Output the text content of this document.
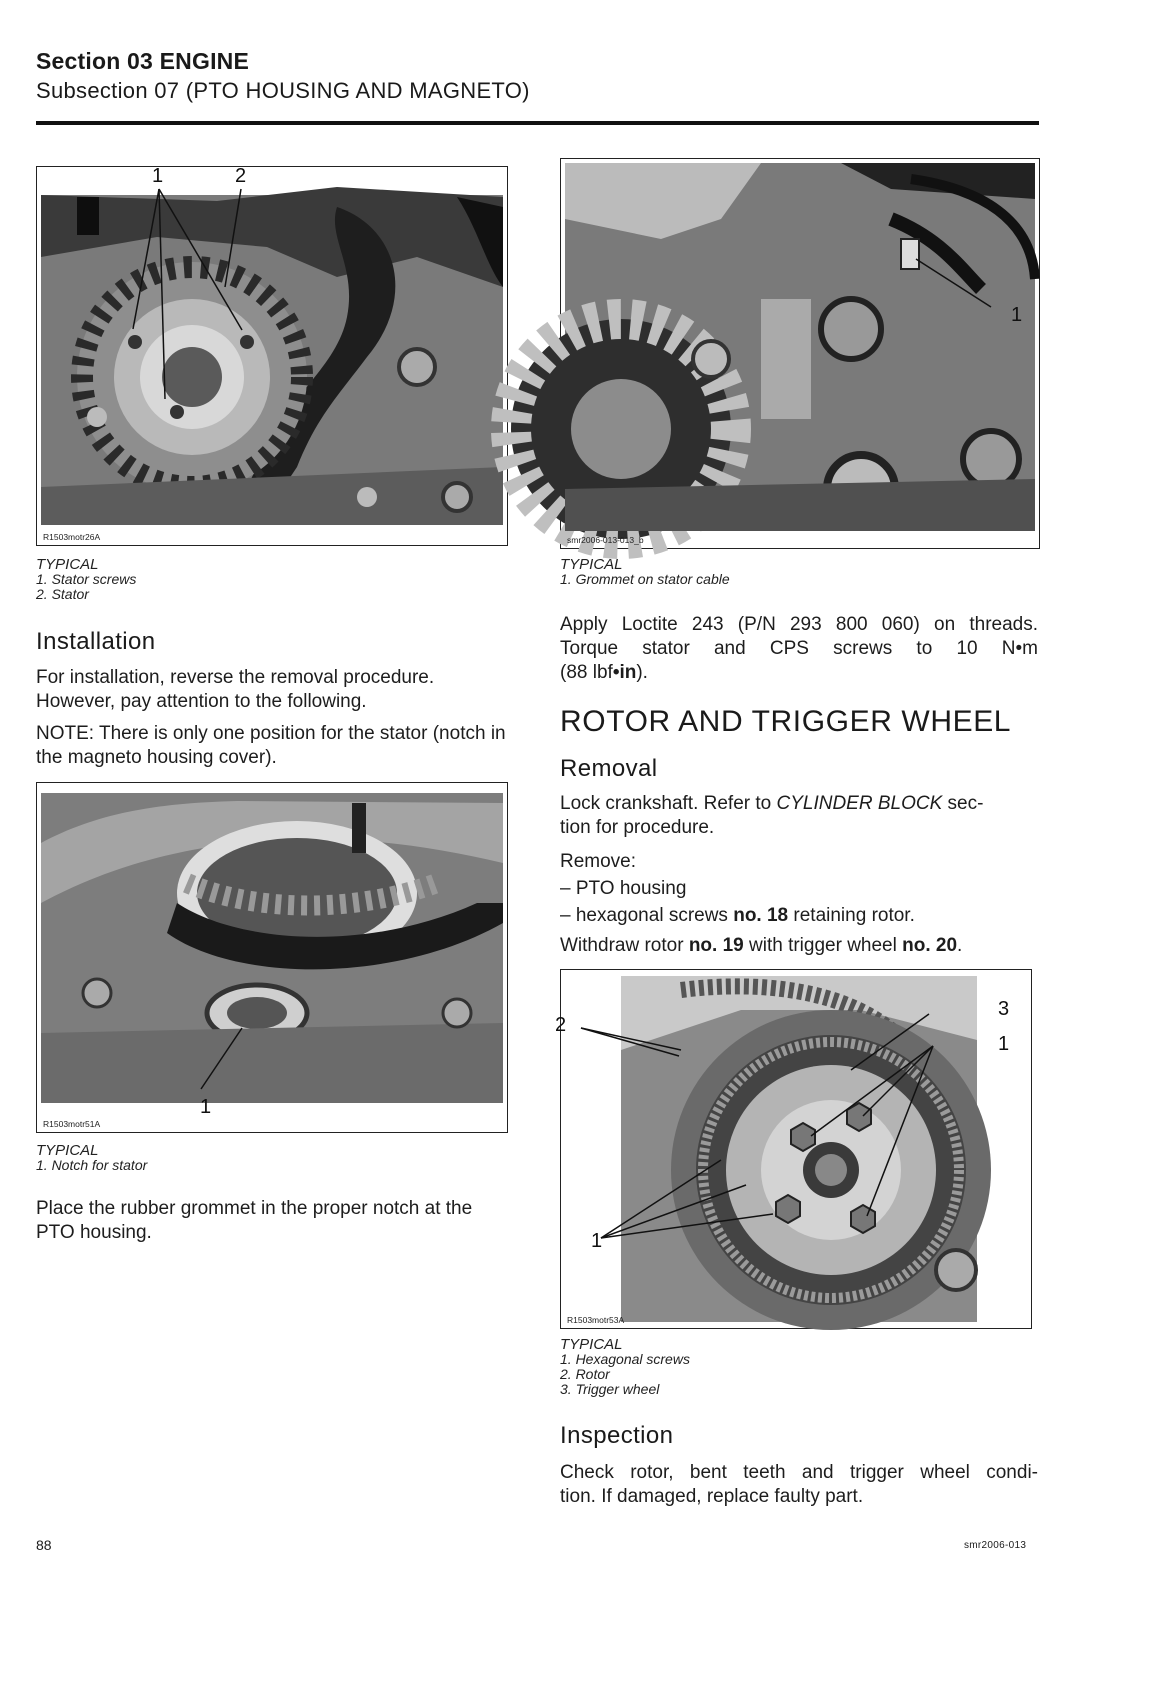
Section 03 ENGINE
Subsection 07 (PTO HOUSING AND MAGNETO)
1	2
R1503motr26A
TYPICAL
1. Stator screws
2. Stator
Installation
For installation, reverse the removal procedure. However, pay attention to the following.
NOTE: There is only one position for the stator (notch in the magneto housing cover).
1
R1503motr51A
TYPICAL
1. Notch for stator
Place the rubber grommet in the proper notch at the PTO housing.
1
smr2006-013-013_b
TYPICAL
1. Grommet on stator cable
Apply Loctite 243 (P/N 293 800 060) on threads.
Torque stator and CPS screws to 10 N•m
(88 lbf•in).
ROTOR AND TRIGGER WHEEL
Removal
Lock crankshaft. Refer to CYLINDER BLOCK sec-
tion for procedure.
Remove:
– PTO housing
– hexagonal screws no. 18 retaining rotor.
Withdraw rotor no. 19 with trigger wheel no. 20.
3
2
1
1
R1503motr53A
TYPICAL
1. Hexagonal screws
2. Rotor
3. Trigger wheel
Inspection
Check rotor, bent teeth and trigger wheel condi-
tion. If damaged, replace faulty part.
88	smr2006-013
